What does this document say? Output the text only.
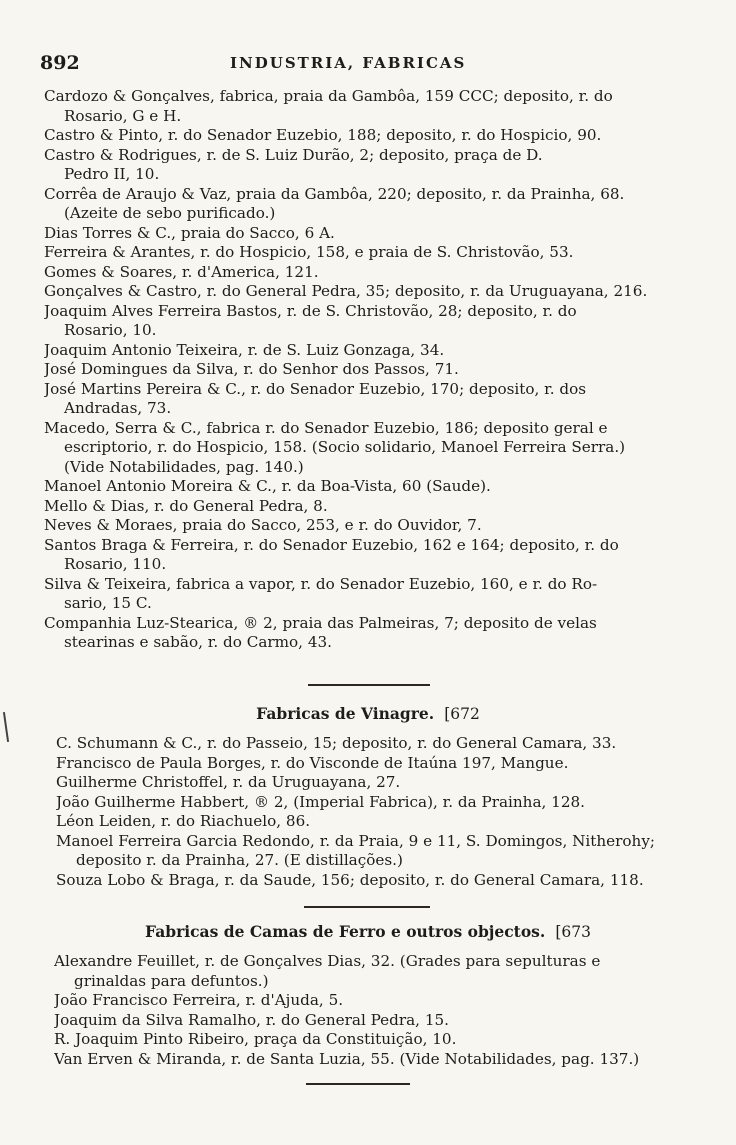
892	INDUSTRIA, FABRICAS
Cardozo & Gonçalves, fabrica, praia da Gambôa, 159 CCC; deposito, r. do
Rosario, G e H.
Castro & Pinto, r. do Senador Euzebio, 188; deposito, r. do Hospicio, 90.
Castro & Rodrigues, r. de S. Luiz Durão, 2; deposito, praça de D.
Pedro II, 10.
Corrêa de Araujo & Vaz, praia da Gambôa, 220; deposito, r. da Prainha, 68.
(Azeite de sebo purificado.)
Dias Torres & C., praia do Sacco, 6 A.
Ferreira & Arantes, r. do Hospicio, 158, e praia de S. Christovão, 53.
Gomes & Soares, r. d'America, 121.
Gonçalves & Castro, r. do General Pedra, 35; deposito, r. da Uruguayana, 216.
Joaquim Alves Ferreira Bastos, r. de S. Christovão, 28; deposito, r. do
Rosario, 10.
Joaquim Antonio Teixeira, r. de S. Luiz Gonzaga, 34.
José Domingues da Silva, r. do Senhor dos Passos, 71.
José Martins Pereira & C., r. do Senador Euzebio, 170; deposito, r. dos
Andradas, 73.
Macedo, Serra & C., fabrica r. do Senador Euzebio, 186; deposito geral e
escriptorio, r. do Hospicio, 158. (Socio solidario, Manoel Ferreira Serra.)
(Vide Notabilidades, pag. 140.)
Manoel Antonio Moreira & C., r. da Boa-Vista, 60 (Saude).
Mello & Dias, r. do General Pedra, 8.
Neves & Moraes, praia do Sacco, 253, e r. do Ouvidor, 7.
Santos Braga & Ferreira, r. do Senador Euzebio, 162 e 164; deposito, r. do
Rosario, 110.
Silva & Teixeira, fabrica a vapor, r. do Senador Euzebio, 160, e r. do Ro-
sario, 15 C.
Companhia Luz-Stearica, ® 2, praia das Palmeiras, 7; deposito de velas
stearinas e sabão, r. do Carmo, 43.
Fabricas de Vinagre. [672
C. Schumann & C., r. do Passeio, 15; deposito, r. do General Camara, 33.
Francisco de Paula Borges, r. do Visconde de Itaúna 197, Mangue.
Guilherme Christoffel, r. da Uruguayana, 27.
João Guilherme Habbert, ® 2, (Imperial Fabrica), r. da Prainha, 128.
Léon Leiden, r. do Riachuelo, 86.
Manoel Ferreira Garcia Redondo, r. da Praia, 9 e 11, S. Domingos, Nitherohy;
deposito r. da Prainha, 27. (E distillações.)
Souza Lobo & Braga, r. da Saude, 156; deposito, r. do General Camara, 118.
Fabricas de Camas de Ferro e outros objectos. [673
Alexandre Feuillet, r. de Gonçalves Dias, 32. (Grades para sepulturas e
grinaldas para defuntos.)
João Francisco Ferreira, r. d'Ajuda, 5.
Joaquim da Silva Ramalho, r. do General Pedra, 15.
R. Joaquim Pinto Ribeiro, praça da Constituição, 10.
Van Erven & Miranda, r. de Santa Luzia, 55. (Vide Notabilidades, pag. 137.)
